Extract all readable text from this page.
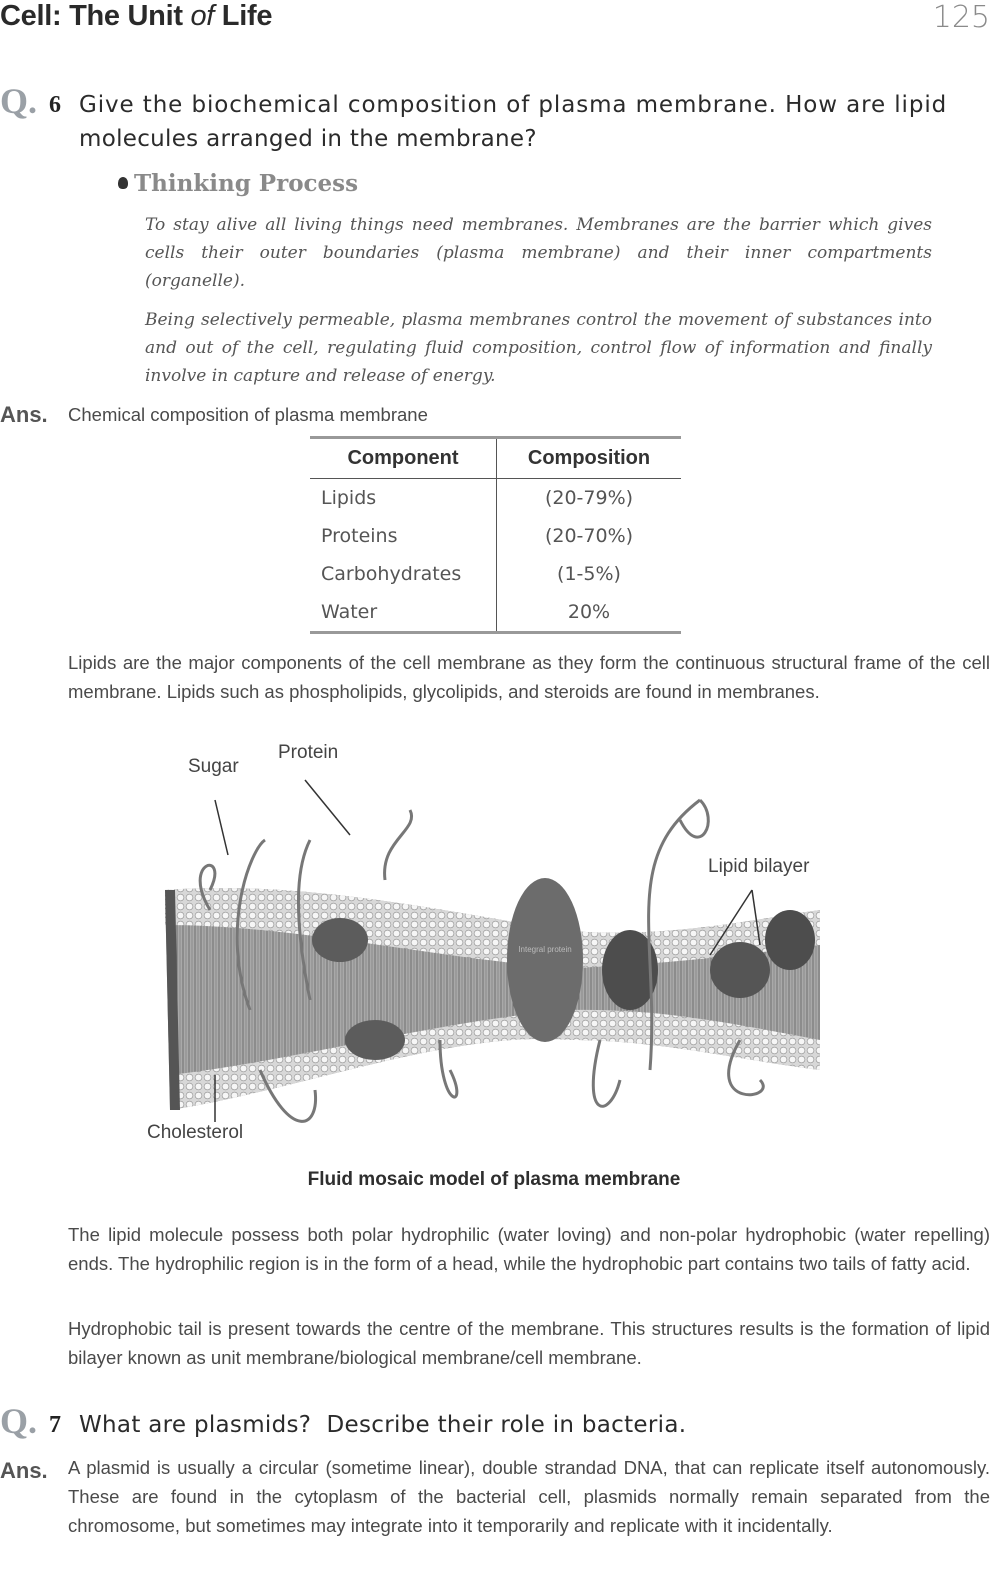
Cell: The Unit of Life	125
Q. 6 Give the biochemical composition of plasma membrane. How are lipid
molecules arranged in the membrane?
Thinking Process
To stay alive all living things need membranes. Membranes are the barrier which gives cells their outer boundaries (plasma membrane) and their inner compartments (organelle).
Being selectively permeable, plasma membranes control the movement of substances into and out of the cell, regulating fluid composition, control flow of information and finally involve in capture and release of energy.
Ans. Chemical composition of plasma membrane
Component	Composition
Lipids	(20-79%)
Proteins	(20-70%)
Carbohydrates	(1-5%)
Water	20%
Lipids are the major components of the cell membrane as they form the continuous structural frame of the cell membrane. Lipids such as phospholipids, glycolipids, and steroids are found in membranes.
Integral protein
Sugar
Protein
Lipid bilayer
Cholesterol
Fluid mosaic model of plasma membrane
The lipid molecule possess both polar hydrophilic (water loving) and non-polar hydrophobic (water repelling) ends. The hydrophilic region is in the form of a head, while the hydrophobic part contains two tails of fatty acid.
Hydrophobic tail is present towards the centre of the membrane. This structures results is the formation of lipid bilayer known as unit membrane/biological membrane/cell membrane.
Q. 7 What are plasmids?  Describe their role in bacteria.
Ans. A plasmid is usually a circular (sometime linear), double strandad DNA, that can replicate itself autonomously. These are found in the cytoplasm of the bacterial cell, plasmids normally remain separated from the chromosome, but sometimes may integrate into it temporarily and replicate with it incidentally.
